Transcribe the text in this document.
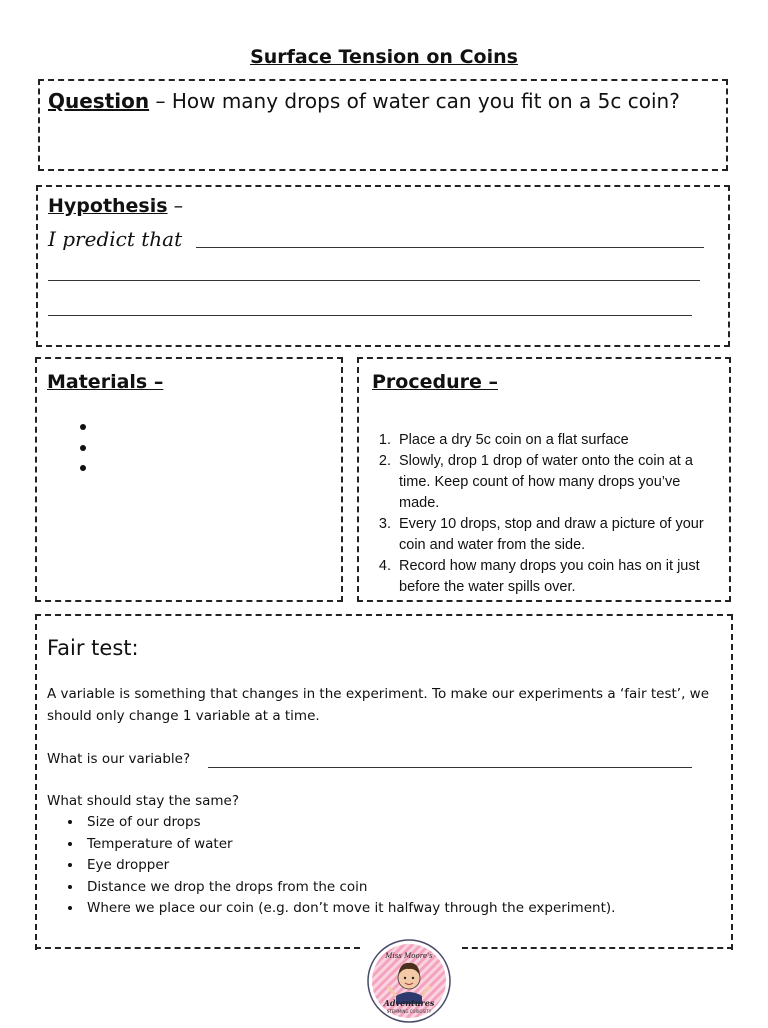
Surface Tension on Coins
Question – How many drops of water can you fit on a 5c coin?
Hypothesis –
I predict that
Materials –	Procedure –
1. Place a dry 5c coin on a flat surface
2. Slowly, drop 1 drop of water onto the coin at a time. Keep count of how many drops you’ve made.
3. Every 10 drops, stop and draw a picture of your coin and water from the side.
4. Record how many drops you coin has on it just before the water spills over.
Fair test:
A variable is something that changes in the experiment. To make our experiments a ‘fair test’, we should only change 1 variable at a time.
What is our variable?
What should stay the same?
• Size of our drops
• Temperature of water
• Eye dropper
• Distance we drop the drops from the coin
• Where we place our coin (e.g. don’t move it halfway through the experiment).
Miss Moore's
Adventures
STEMMING CURIOSITY
